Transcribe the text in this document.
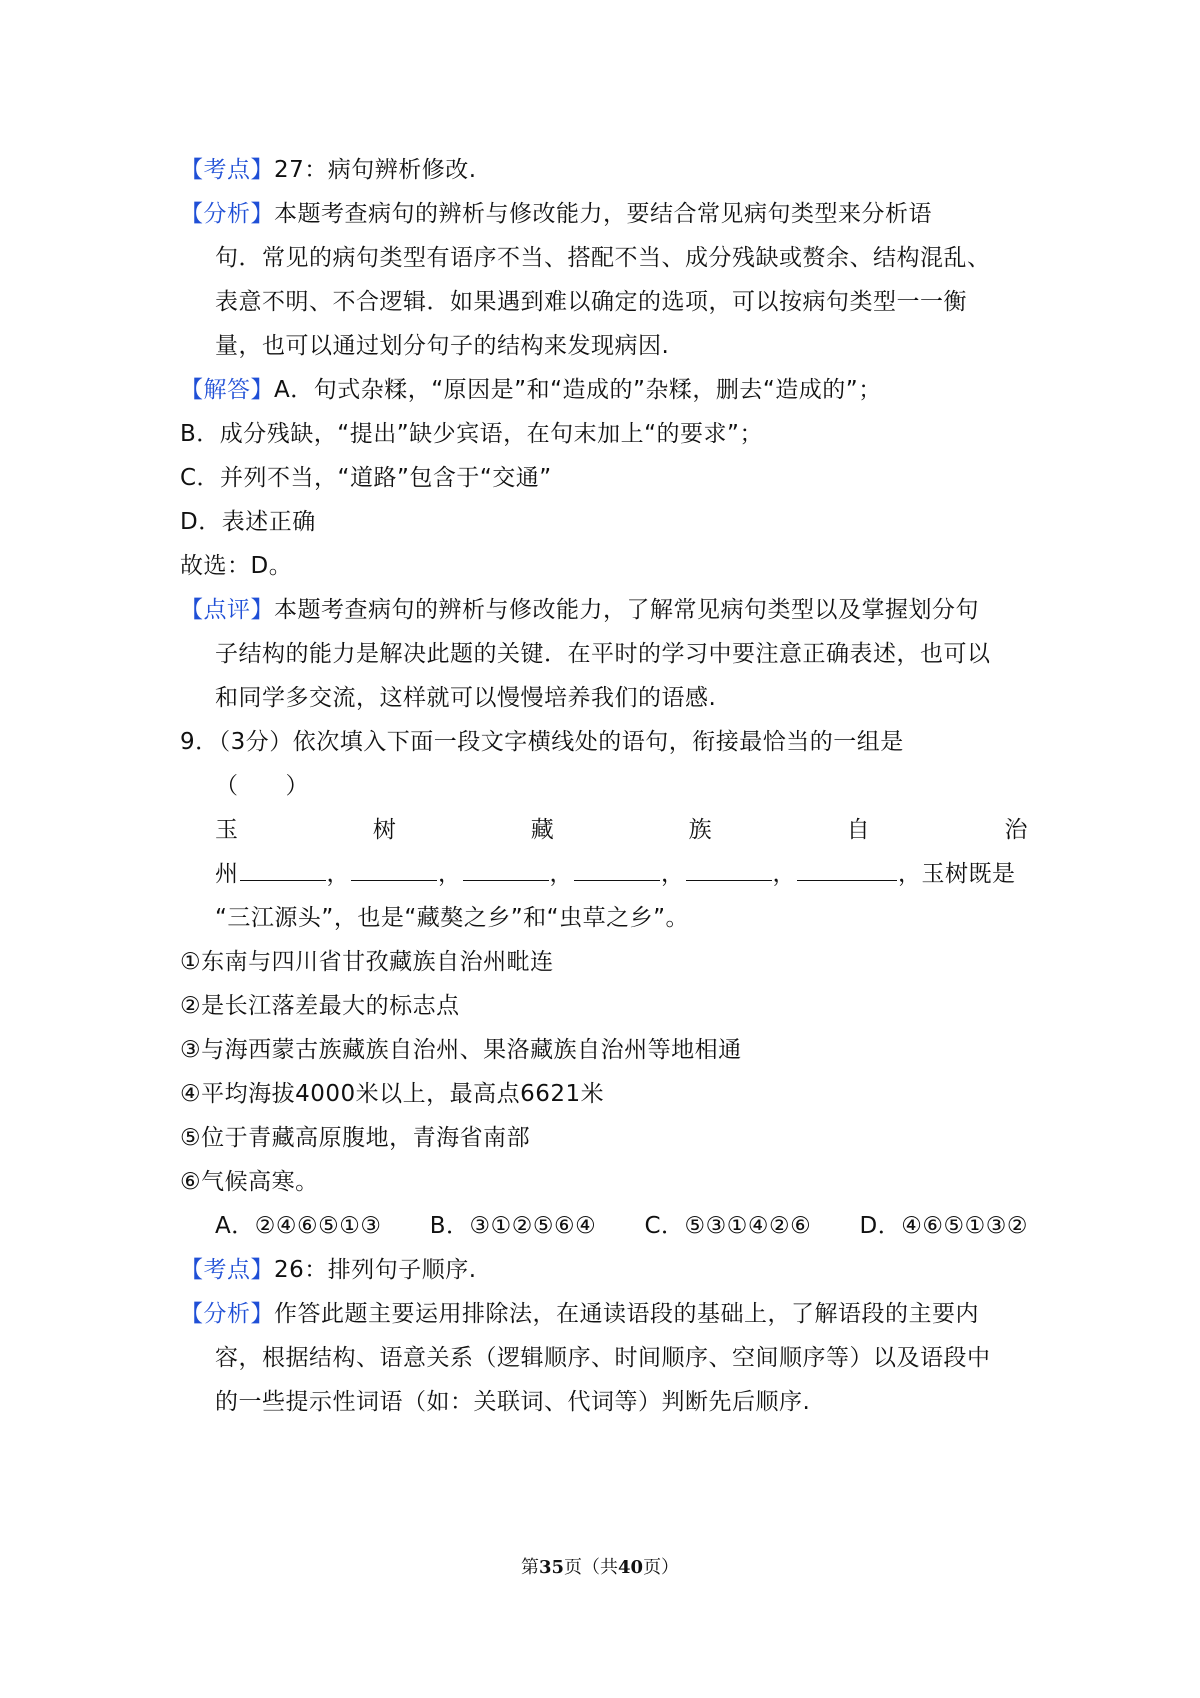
【考点】27：病句辨析修改.
【分析】本题考查病句的辨析与修改能力，要结合常见病句类型来分析语
句．常见的病句类型有语序不当、搭配不当、成分残缺或赘余、结构混乱、
表意不明、不合逻辑．如果遇到难以确定的选项，可以按病句类型一一衡
量，也可以通过划分句子的结构来发现病因.
【解答】A．句式杂糅，“原因是”和“造成的”杂糅，删去“造成的”；
B．成分残缺，“提出”缺少宾语，在句末加上“的要求”；
C．并列不当，“道路”包含于“交通”
D．表述正确
故选：D。
【点评】本题考查病句的辨析与修改能力，了解常见病句类型以及掌握划分句
子结构的能力是解决此题的关键．在平时的学习中要注意正确表述，也可以
和同学多交流，这样就可以慢慢培养我们的语感.
9．（3分）依次填入下面一段文字横线处的语句，衔接最恰当的一组是
（　　）
玉	树	藏	族	自	治
州	，	，	，	，	，	，玉树既是
“三江源头”，也是“藏獒之乡”和“虫草之乡”。
①东南与四川省甘孜藏族自治州毗连
②是长江落差最大的标志点
③与海西蒙古族藏族自治州、果洛藏族自治州等地相通
④平均海拔4000米以上，最高点6621米
⑤位于青藏高原腹地，青海省南部
⑥气候高寒。
A．②④⑥⑤①③ B．③①②⑤⑥④ C．⑤③①④②⑥ D．④⑥⑤①③②
【考点】26：排列句子顺序.
【分析】作答此题主要运用排除法，在通读语段的基础上，了解语段的主要内
容，根据结构、语意关系（逻辑顺序、时间顺序、空间顺序等）以及语段中
的一些提示性词语（如：关联词、代词等）判断先后顺序.
第35页（共40页）
